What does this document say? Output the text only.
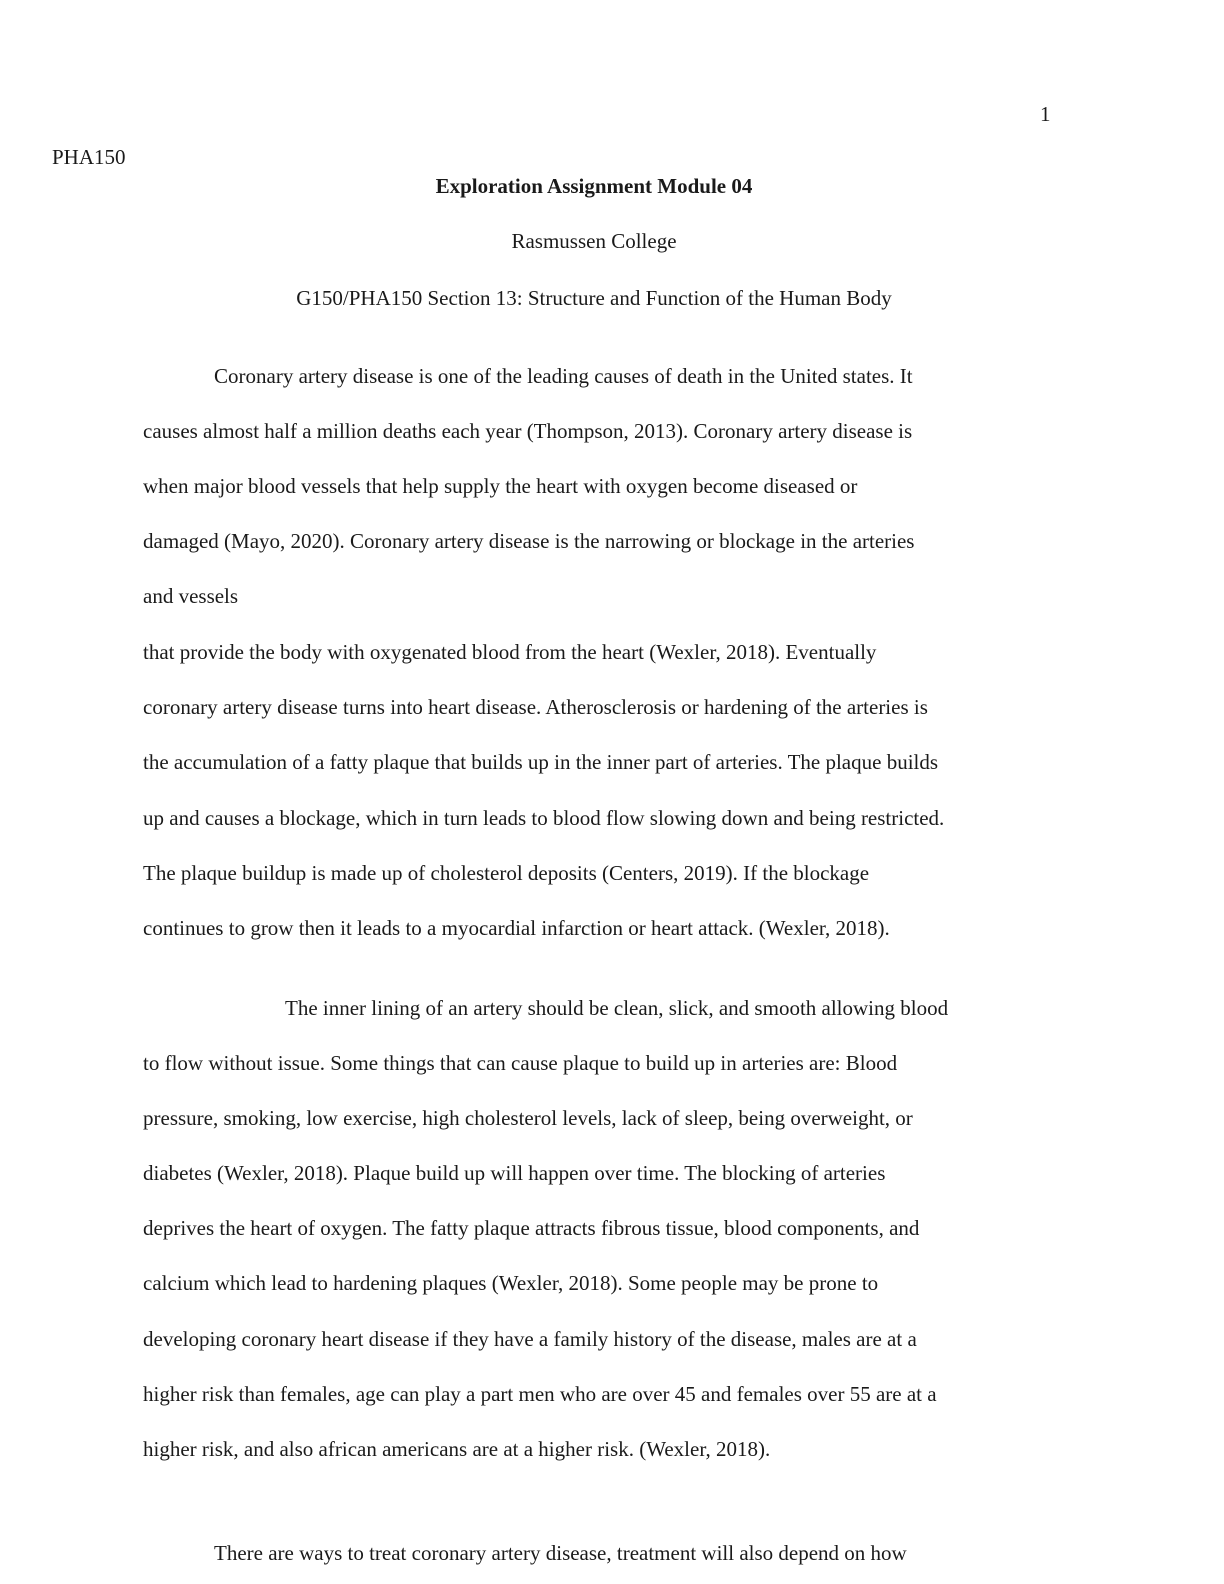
1
PHA150
Exploration Assignment Module 04
Rasmussen College
G150/PHA150 Section 13: Structure and Function of the Human Body
Coronary artery disease is one of the leading causes of death in the United states. It
causes almost half a million deaths each year (Thompson, 2013). Coronary artery disease is
when major blood vessels that help supply the heart with oxygen become diseased or
damaged (Mayo, 2020). Coronary artery disease is the narrowing or blockage in the arteries
and vessels
that provide the body with oxygenated blood from the heart (Wexler, 2018). Eventually
coronary artery disease turns into heart disease. Atherosclerosis or hardening of the arteries is
the accumulation of a fatty plaque that builds up in the inner part of arteries. The plaque builds
up and causes a blockage, which in turn leads to blood flow slowing down and being restricted.
The plaque buildup is made up of cholesterol deposits (Centers, 2019). If the blockage
continues to grow then it leads to a myocardial infarction or heart attack. (Wexler, 2018).
The inner lining of an artery should be clean, slick, and smooth allowing blood
to flow without issue. Some things that can cause plaque to build up in arteries are: Blood
pressure, smoking, low exercise, high cholesterol levels, lack of sleep, being overweight, or
diabetes (Wexler, 2018). Plaque build up will happen over time. The blocking of arteries
deprives the heart of oxygen. The fatty plaque attracts fibrous tissue, blood components, and
calcium which lead to hardening plaques (Wexler, 2018). Some people may be prone to
developing coronary heart disease if they have a family history of the disease, males are at a
higher risk than females, age can play a part men who are over 45 and females over 55 are at a
higher risk, and also african americans are at a higher risk. (Wexler, 2018).
There are ways to treat coronary artery disease, treatment will also depend on how
